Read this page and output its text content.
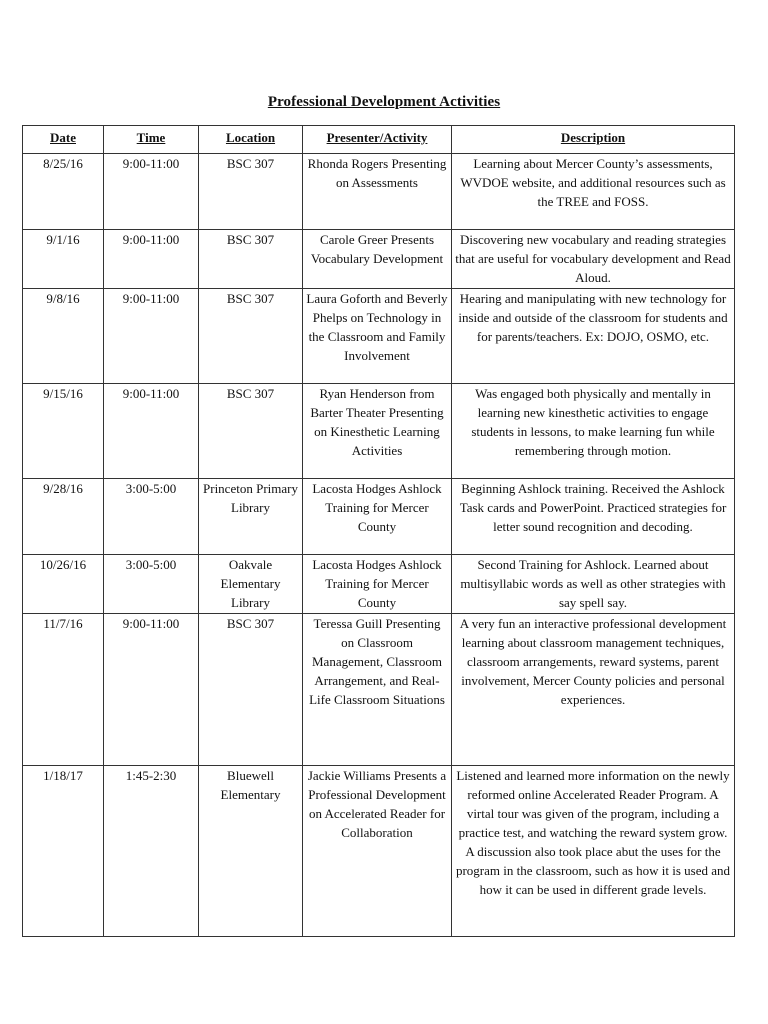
Professional Development Activities
Date	Time	Location	Presenter/Activity	Description
8/25/16	9:00-11:00	BSC 307	Rhonda Rogers Presenting on Assessments	Learning about Mercer County’s assessments, WVDOE website, and additional resources such as the TREE and FOSS.
9/1/16	9:00-11:00	BSC 307	Carole Greer Presents Vocabulary Development	Discovering new vocabulary and reading strategies that are useful for vocabulary development and Read Aloud.
9/8/16	9:00-11:00	BSC 307	Laura Goforth and Beverly Phelps on Technology in the Classroom and Family Involvement	Hearing and manipulating with new technology for inside and outside of the classroom for students and for parents/teachers. Ex: DOJO, OSMO, etc.
9/15/16	9:00-11:00	BSC 307	Ryan Henderson from Barter Theater Presenting on Kinesthetic Learning Activities	Was engaged both physically and mentally in learning new kinesthetic activities to engage students in lessons, to make learning fun while remembering through motion.
9/28/16	3:00-5:00	Princeton Primary Library	Lacosta Hodges Ashlock Training for Mercer County	Beginning Ashlock training. Received the Ashlock Task cards and PowerPoint. Practiced strategies for letter sound recognition and decoding.
10/26/16	3:00-5:00	Oakvale Elementary Library	Lacosta Hodges Ashlock Training for Mercer County	Second Training for Ashlock. Learned about multisyllabic words as well as other strategies with say spell say.
11/7/16	9:00-11:00	BSC 307	Teressa Guill Presenting on Classroom Management, Classroom Arrangement, and Real-Life Classroom Situations	A very fun an interactive professional development learning about classroom management techniques, classroom arrangements, reward systems, parent involvement, Mercer County policies and personal experiences.
1/18/17	1:45-2:30	Bluewell Elementary	Jackie Williams Presents a Professional Development on Accelerated Reader for Collaboration	Listened and learned more information on the newly reformed online Accelerated Reader Program. A virtal tour was given of the program, including a practice test, and watching the reward system grow. A discussion also took place abut the uses for the program in the classroom, such as how it is used and how it can be used in different grade levels.
